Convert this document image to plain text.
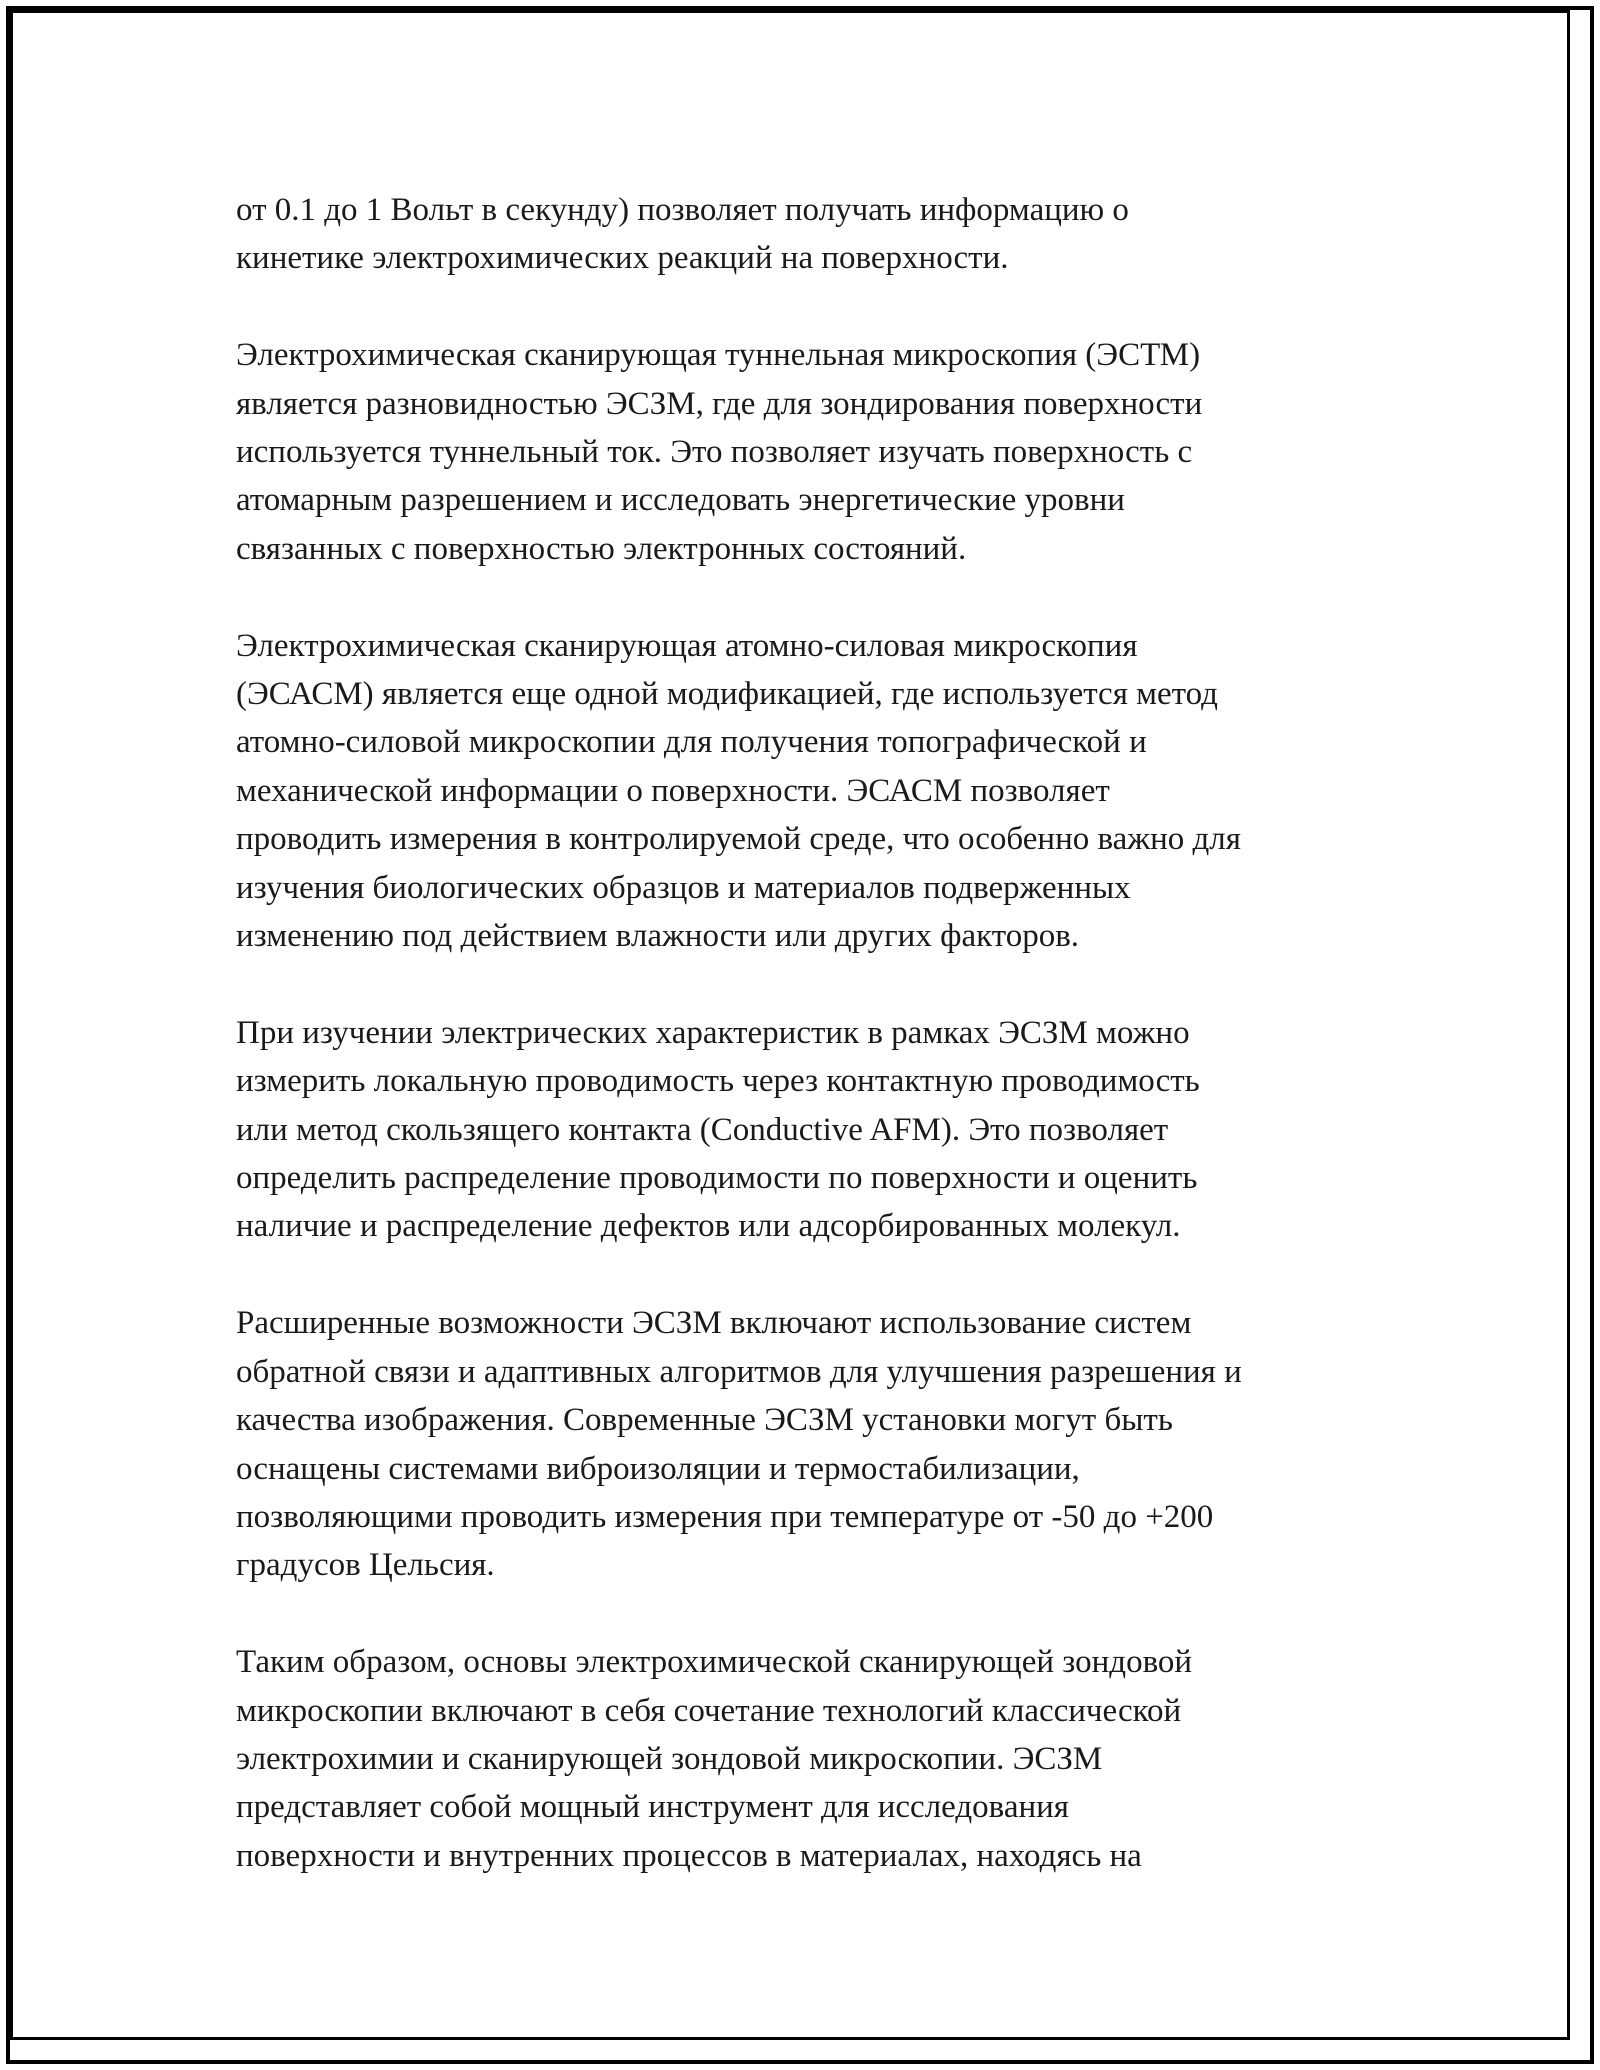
от 0.1 до 1 Вольт в секунду) позволяет получать информацию о
кинетике электрохимических реакций на поверхности.

Электрохимическая сканирующая туннельная микроскопия (ЭСТМ)
является разновидностью ЭСЗМ, где для зондирования поверхности
используется туннельный ток. Это позволяет изучать поверхность с
атомарным разрешением и исследовать энергетические уровни
связанных с поверхностью электронных состояний.

Электрохимическая сканирующая атомно-силовая микроскопия
(ЭСАСМ) является еще одной модификацией, где используется метод
атомно-силовой микроскопии для получения топографической и
механической информации о поверхности. ЭСАСМ позволяет
проводить измерения в контролируемой среде, что особенно важно для
изучения биологических образцов и материалов подверженных
изменению под действием влажности или других факторов.

При изучении электрических характеристик в рамках ЭСЗМ можно
измерить локальную проводимость через контактную проводимость
или метод скользящего контакта (Conductive AFM). Это позволяет
определить распределение проводимости по поверхности и оценить
наличие и распределение дефектов или адсорбированных молекул.

Расширенные возможности ЭСЗМ включают использование систем
обратной связи и адаптивных алгоритмов для улучшения разрешения и
качества изображения. Современные ЭСЗМ установки могут быть
оснащены системами виброизоляции и термостабилизации,
позволяющими проводить измерения при температуре от -50 до +200
градусов Цельсия.

Таким образом, основы электрохимической сканирующей зондовой
микроскопии включают в себя сочетание технологий классической
электрохимии и сканирующей зондовой микроскопии. ЭСЗМ
представляет собой мощный инструмент для исследования
поверхности и внутренних процессов в материалах, находясь на
